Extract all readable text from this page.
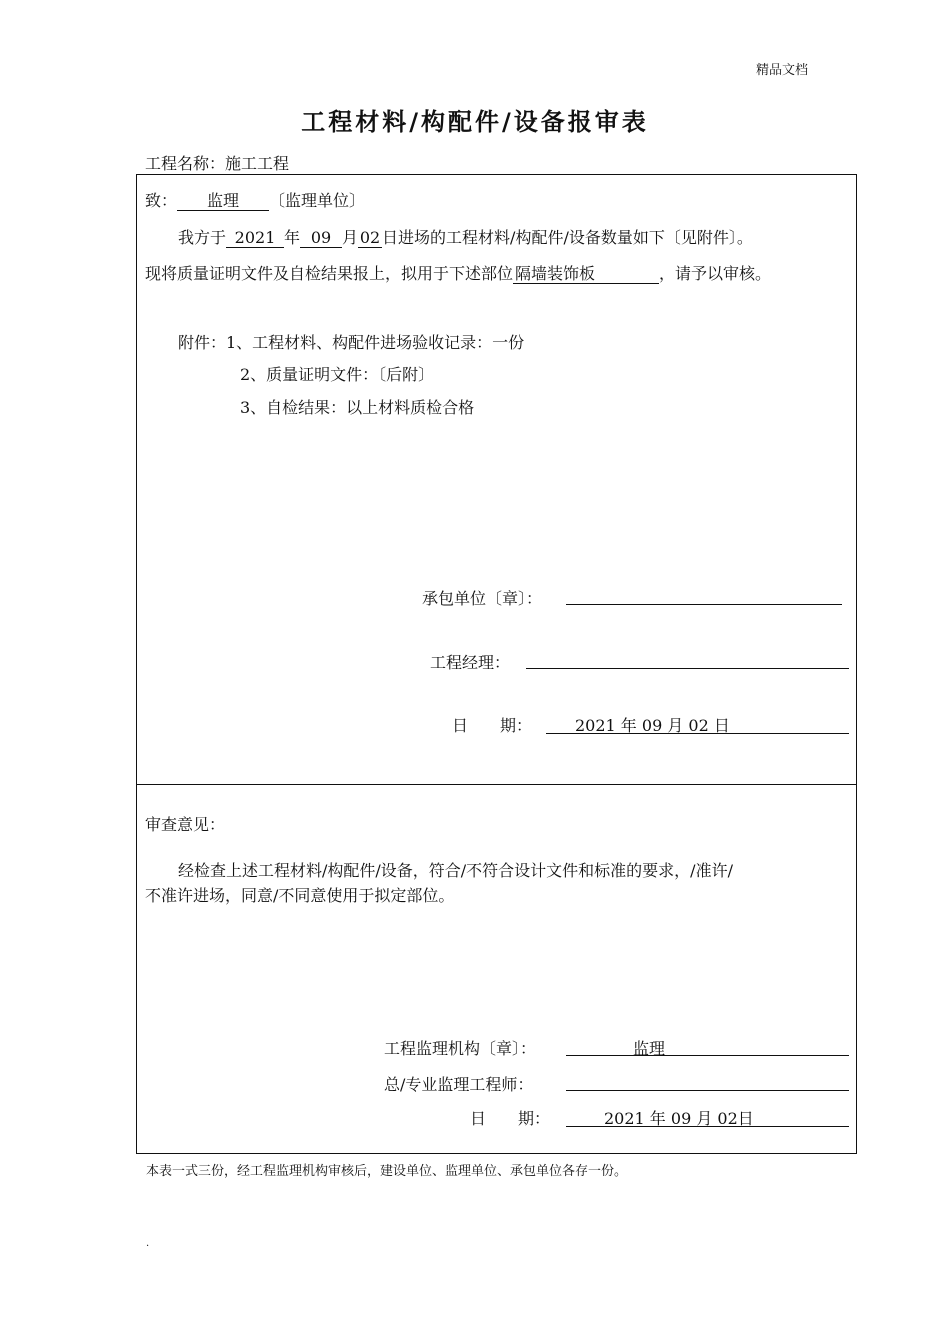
精品文档
工程材料/构配件/设备报审表
工程名称：施工工程
致： 监理 〔监理单位〕
我方于 2021 年 09 月 02 日进场的工程材料/构配件/设备数量如下〔见附件〕。
现将质量证明文件及自检结果报上，拟用于下述部位 隔墙装饰板	，请予以审核。
附件：1、工程材料、构配件进场验收记录：一份
2、质量证明文件：〔后附〕
3、自检结果：以上材料质检合格
承包单位〔章〕：
工程经理：
日　　期：	2021 年 09 月 02 日
审查意见：
经检查上述工程材料/构配件/设备，符合/不符合设计文件和标准的要求，/准许/
不准许进场，同意/不同意使用于拟定部位。
工程监理机构〔章〕：	监理
总/专业监理工程师：
日　　期：	2021 年 09 月 02日
本表一式三份，经工程监理机构审核后，建设单位、监理单位、承包单位各存一份。
.
